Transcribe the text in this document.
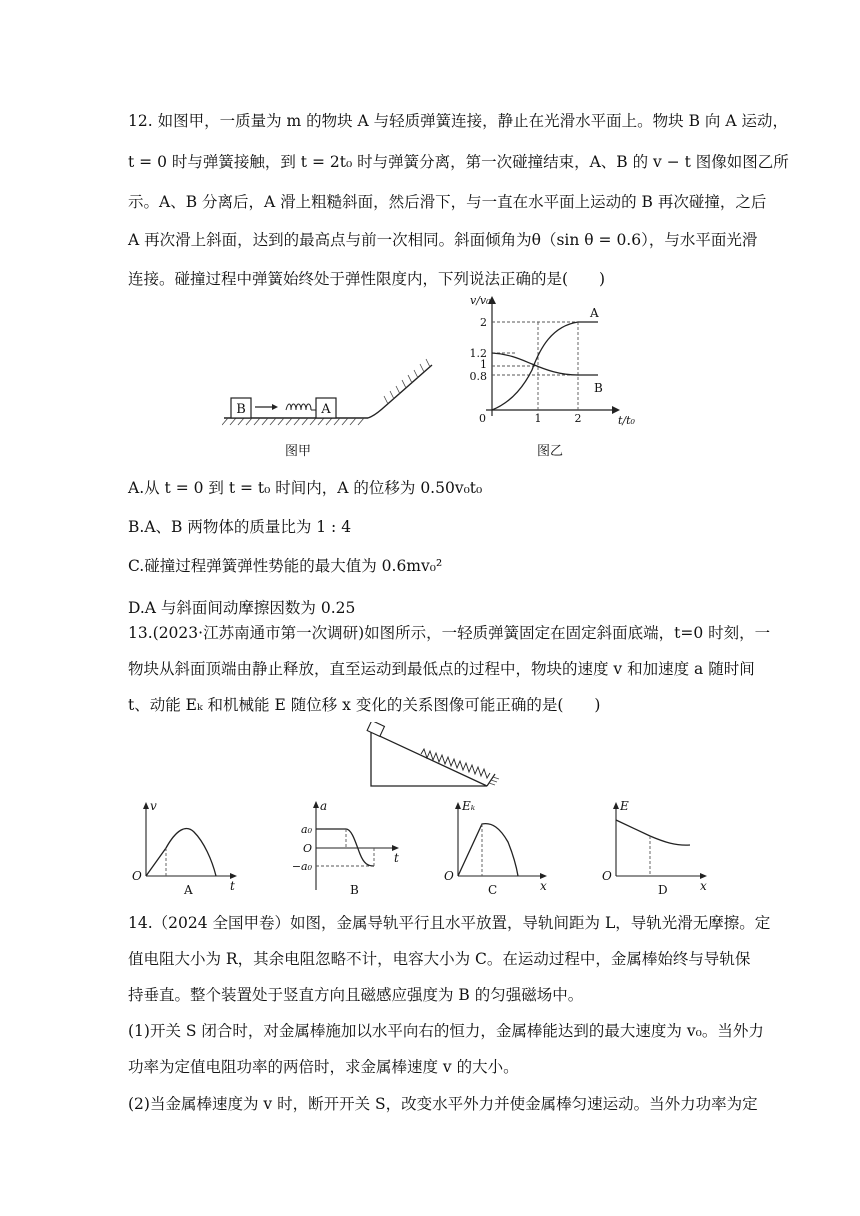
12. 如图甲，一质量为 m 的物块 A 与轻质弹簧连接，静止在光滑水平面上。物块 B 向 A 运动，
t = 0 时与弹簧接触，到 t = 2t₀ 时与弹簧分离，第一次碰撞结束，A、B 的 v − t 图像如图乙所
示。A、B 分离后，A 滑上粗糙斜面，然后滑下，与一直在水平面上运动的 B 再次碰撞，之后
A 再次滑上斜面，达到的最高点与前一次相同。斜面倾角为θ（sin θ = 0.6），与水平面光滑
连接。碰撞过程中弹簧始终处于弹性限度内，下列说法正确的是(　　)
B	A
图甲
v/v₀
t/t₀
0
2
1.2
1
0.8
1	2
A
B
图乙
A.从 t = 0 到 t = t₀ 时间内，A 的位移为 0.50v₀t₀
B.A、B 两物体的质量比为 1 : 4
C.碰撞过程弹簧弹性势能的最大值为 0.6mv₀²
D.A 与斜面间动摩擦因数为 0.25
13.(2023·江苏南通市第一次调研)如图所示，一轻质弹簧固定在固定斜面底端，t=0 时刻，一
物块从斜面顶端由静止释放，直至运动到最低点的过程中，物块的速度 v 和加速度 a 随时间
t、动能 Eₖ 和机械能 E 随位移 x 变化的关系图像可能正确的是(　　)
v
t
O
A
a
t
a₀
O
−a₀
B
Eₖ
x
O
C
E
x
O
D
14.（2024 全国甲卷）如图，金属导轨平行且水平放置，导轨间距为 L，导轨光滑无摩擦。定
值电阻大小为 R，其余电阻忽略不计，电容大小为 C。在运动过程中，金属棒始终与导轨保
持垂直。整个装置处于竖直方向且磁感应强度为 B 的匀强磁场中。
(1)开关 S 闭合时，对金属棒施加以水平向右的恒力，金属棒能达到的最大速度为 v₀。当外力
功率为定值电阻功率的两倍时，求金属棒速度 v 的大小。
(2)当金属棒速度为 v 时，断开开关 S，改变水平外力并使金属棒匀速运动。当外力功率为定
